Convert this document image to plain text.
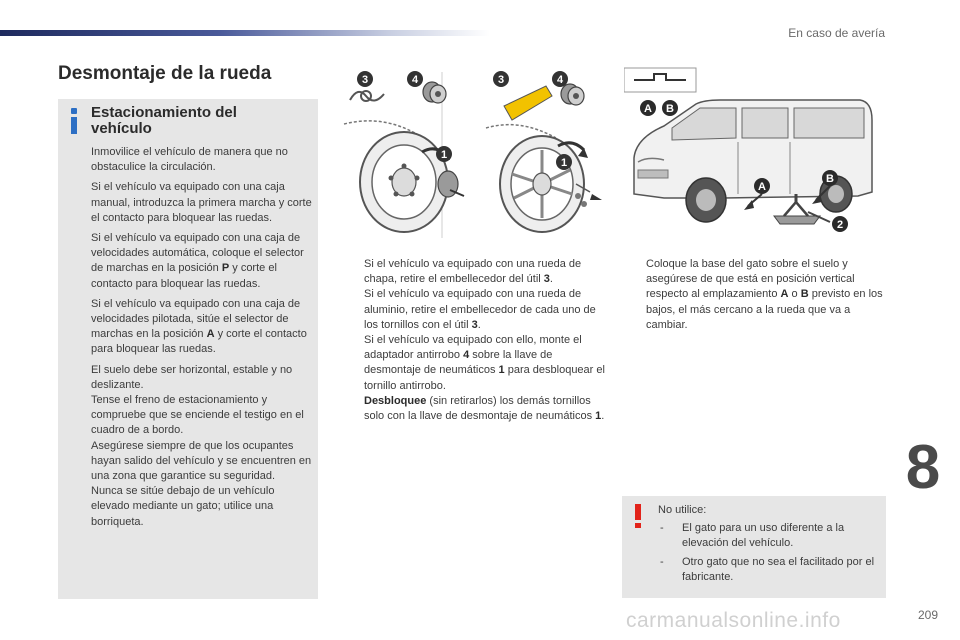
En caso de avería
Desmontaje de la rueda
Estacionamiento del vehículo

Inmovilice el vehículo de manera que no obstaculice la circulación.

Si el vehículo va equipado con una caja manual, introduzca la primera marcha y corte el contacto para bloquear las ruedas.

Si el vehículo va equipado con una caja de velocidades automática, coloque el selector de marchas en la posición P y corte el contacto para bloquear las ruedas.

Si el vehículo va equipado con una caja de velocidades pilotada, sitúe el selector de marchas en la posición A y corte el contacto para bloquear las ruedas.

El suelo debe ser horizontal, estable y no deslizante.

Tense el freno de estacionamiento y compruebe que se enciende el testigo en el cuadro de a bordo.

Asegúrese siempre de que los ocupantes hayan salido del vehículo y se encuentren en una zona que garantice su seguridad.

Nunca se sitúe debajo de un vehículo elevado mediante un gato; utilice una borriqueta.

3	4
1
3	4
1
A B
A
B
2

Si el vehículo va equipado con una rueda de chapa, retire el embellecedor del útil 3.

Si el vehículo va equipado con una rueda de aluminio, retire el embellecedor de cada uno de los tornillos con el útil 3.

Si el vehículo va equipado con ello, monte el adaptador antirrobo 4 sobre la llave de desmontaje de neumáticos 1 para desbloquear el tornillo antirrobo.

Desbloquee (sin retirarlos) los demás tornillos solo con la llave de desmontaje de neumáticos 1.

Coloque la base del gato sobre el suelo y asegúrese de que está en posición vertical respecto al emplazamiento A o B previsto en los bajos, el más cercano a la rueda que va a cambiar.

No utilice:

- El gato para un uso diferente a la elevación del vehículo.
- Otro gato que no sea el facilitado por el fabricante.
8
carmanualsonline.info	209
